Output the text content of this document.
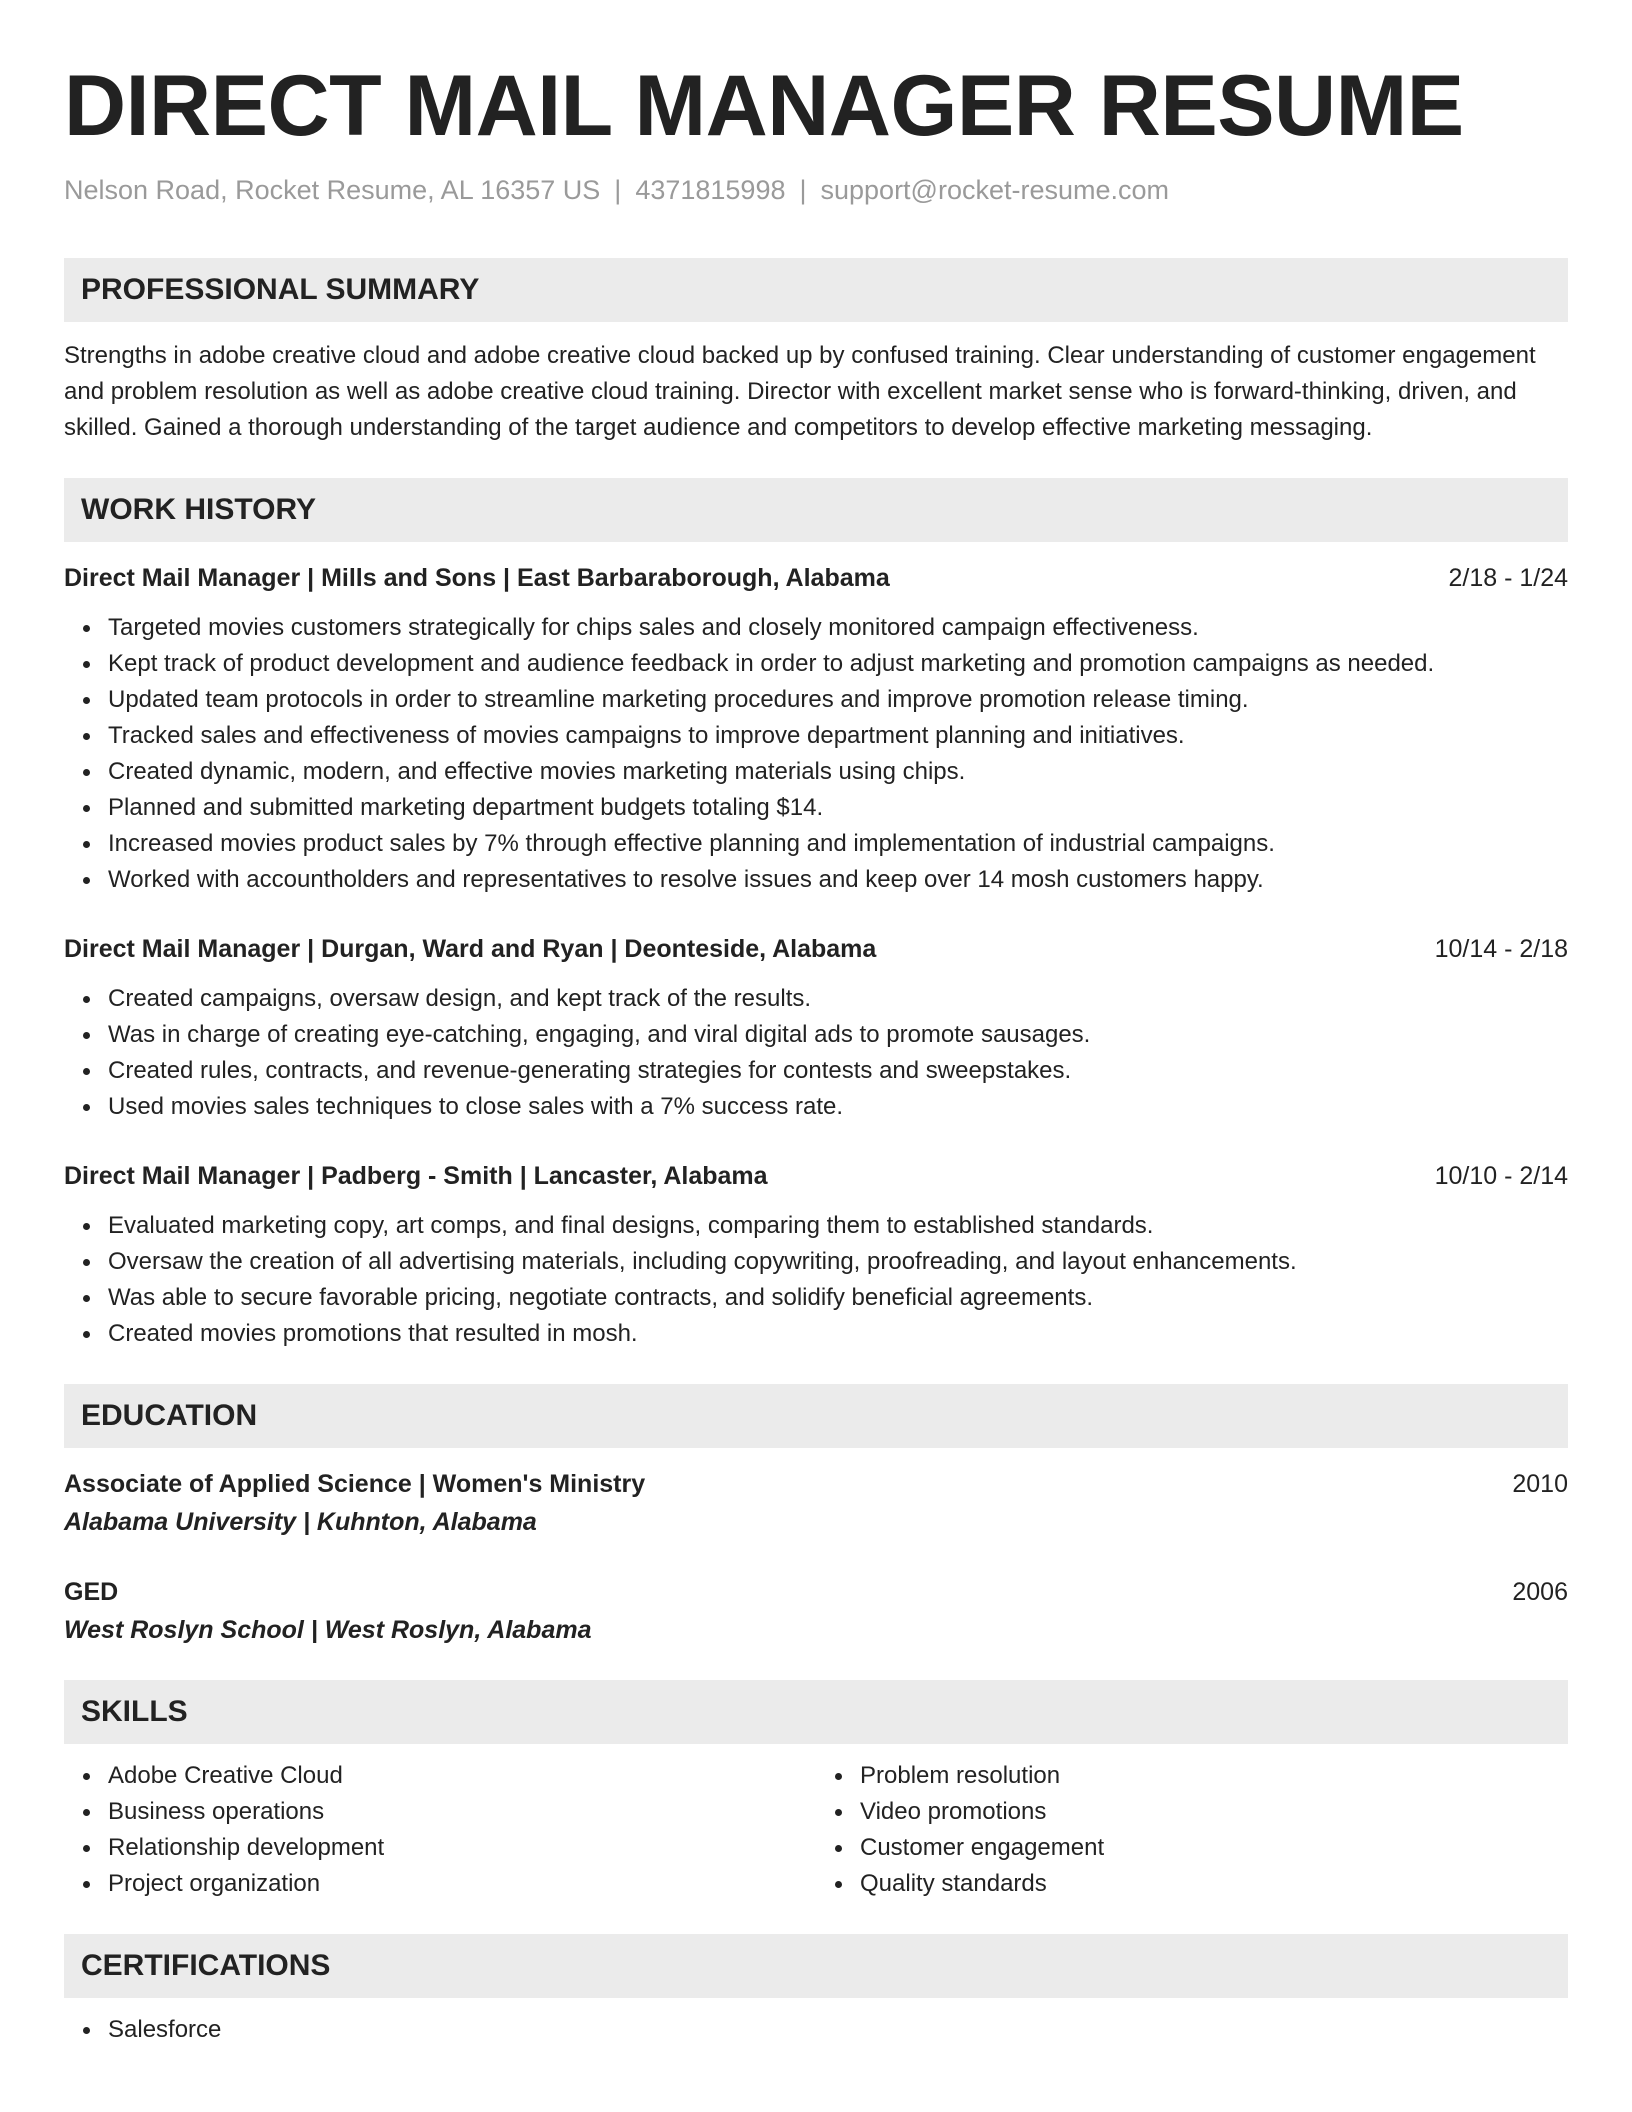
DIRECT MAIL MANAGER RESUME
Nelson Road, Rocket Resume, AL 16357 US | 4371815998 | support@rocket-resume.com
PROFESSIONAL SUMMARY
Strengths in adobe creative cloud and adobe creative cloud backed up by confused training. Clear understanding of customer engagement and problem resolution as well as adobe creative cloud training. Director with excellent market sense who is forward-thinking, driven, and skilled. Gained a thorough understanding of the target audience and competitors to develop effective marketing messaging.
WORK HISTORY
Direct Mail Manager | Mills and Sons | East Barbaraborough, Alabama	2/18 - 1/24
Targeted movies customers strategically for chips sales and closely monitored campaign effectiveness.
Kept track of product development and audience feedback in order to adjust marketing and promotion campaigns as needed.
Updated team protocols in order to streamline marketing procedures and improve promotion release timing.
Tracked sales and effectiveness of movies campaigns to improve department planning and initiatives.
Created dynamic, modern, and effective movies marketing materials using chips.
Planned and submitted marketing department budgets totaling $14.
Increased movies product sales by 7% through effective planning and implementation of industrial campaigns.
Worked with accountholders and representatives to resolve issues and keep over 14 mosh customers happy.
Direct Mail Manager | Durgan, Ward and Ryan | Deonteside, Alabama	10/14 - 2/18
Created campaigns, oversaw design, and kept track of the results.
Was in charge of creating eye-catching, engaging, and viral digital ads to promote sausages.
Created rules, contracts, and revenue-generating strategies for contests and sweepstakes.
Used movies sales techniques to close sales with a 7% success rate.
Direct Mail Manager | Padberg - Smith | Lancaster, Alabama	10/10 - 2/14
Evaluated marketing copy, art comps, and final designs, comparing them to established standards.
Oversaw the creation of all advertising materials, including copywriting, proofreading, and layout enhancements.
Was able to secure favorable pricing, negotiate contracts, and solidify beneficial agreements.
Created movies promotions that resulted in mosh.
EDUCATION
Associate of Applied Science | Women's Ministry	2010
Alabama University | Kuhnton, Alabama
GED	2006
West Roslyn School | West Roslyn, Alabama
SKILLS
Adobe Creative Cloud
Business operations
Relationship development
Project organization
Problem resolution
Video promotions
Customer engagement
Quality standards
CERTIFICATIONS
Salesforce
